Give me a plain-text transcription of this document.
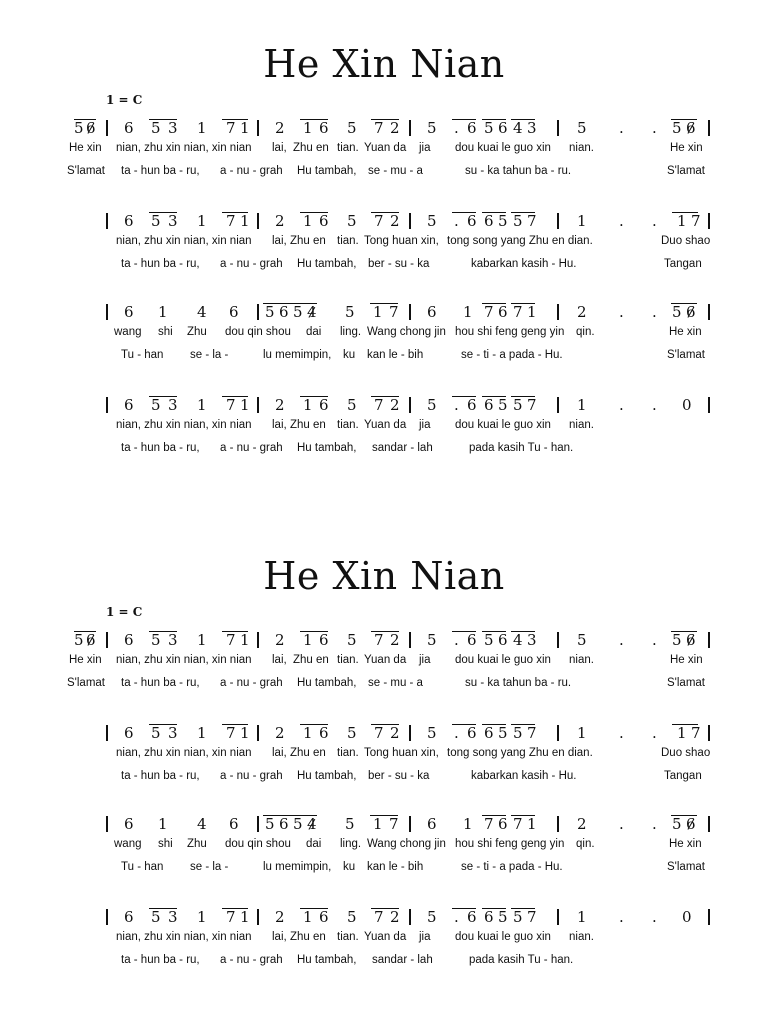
He Xin Nian
1 = C
5 6 6 5 3 1 7 1 2 1 6 5 7 2 5 . 6 5 6 4 3	5 . . 5 6
He xin nian, zhu xin nian, xin nian lai, Zhu en tian. Yuan da jia dou kuai le guo xin nian.	He xin
S'lamat ta - hun ba - ru, a - nu - grah Hu tambah, se - mu - a	su - ka tahun ba - ru.	S'lamat
6 5 3 1 7 1 2 1 6 5 7 2 5 . 6 6 5 5 7	1 . . 1 7
nian, zhu xin nian, xin nian lai, Zhu en tian. Tong huan xin, tong song yang Zhu en dian.	Duo shao
ta - hun ba - ru, a - nu - grah Hu tambah, ber - su - ka	kabarkan kasih - Hu.	Tangan
6 1 4 6 5 6 5 4 5 1 7 6 1 7 6 7 1	2 . . 5 6
wang shi Zhu dou qin shou dai ling. Wang chong jin hou shi feng geng yin qin.	He xin
Tu - han se - la -	lu memimpin, ku kan le - bih	se - ti - a pada - Hu.	S'lamat
6 5 3 1 7 1 2 1 6 5 7 2 5 . 6 6 5 5 7	1 . . 0
nian, zhu xin nian, xin nian lai, Zhu en tian. Yuan da jia dou kuai le guo xin nian.
ta - hun ba - ru, a - nu - grah Hu tambah, sandar - lah	pada kasih Tu - han.
He Xin Nian
1 = C
5 6 6 5 3 1 7 1 2 1 6 5 7 2 5 . 6 5 6 4 3	5 . . 5 6
He xin nian, zhu xin nian, xin nian lai, Zhu en tian. Yuan da jia dou kuai le guo xin nian.	He xin
S'lamat ta - hun ba - ru, a - nu - grah Hu tambah, se - mu - a	su - ka tahun ba - ru.	S'lamat
6 5 3 1 7 1 2 1 6 5 7 2 5 . 6 6 5 5 7	1 . . 1 7
nian, zhu xin nian, xin nian lai, Zhu en tian. Tong huan xin, tong song yang Zhu en dian.	Duo shao
ta - hun ba - ru, a - nu - grah Hu tambah, ber - su - ka	kabarkan kasih - Hu.	Tangan
6 1 4 6 5 6 5 4 5 1 7 6 1 7 6 7 1	2 . . 5 6
wang shi Zhu dou qin shou dai ling. Wang chong jin hou shi feng geng yin qin.	He xin
Tu - han se - la -	lu memimpin, ku kan le - bih	se - ti - a pada - Hu.	S'lamat
6 5 3 1 7 1 2 1 6 5 7 2 5 . 6 6 5 5 7	1 . . 0
nian, zhu xin nian, xin nian lai, Zhu en tian. Yuan da jia dou kuai le guo xin nian.
ta - hun ba - ru, a - nu - grah Hu tambah, sandar - lah	pada kasih Tu - han.
